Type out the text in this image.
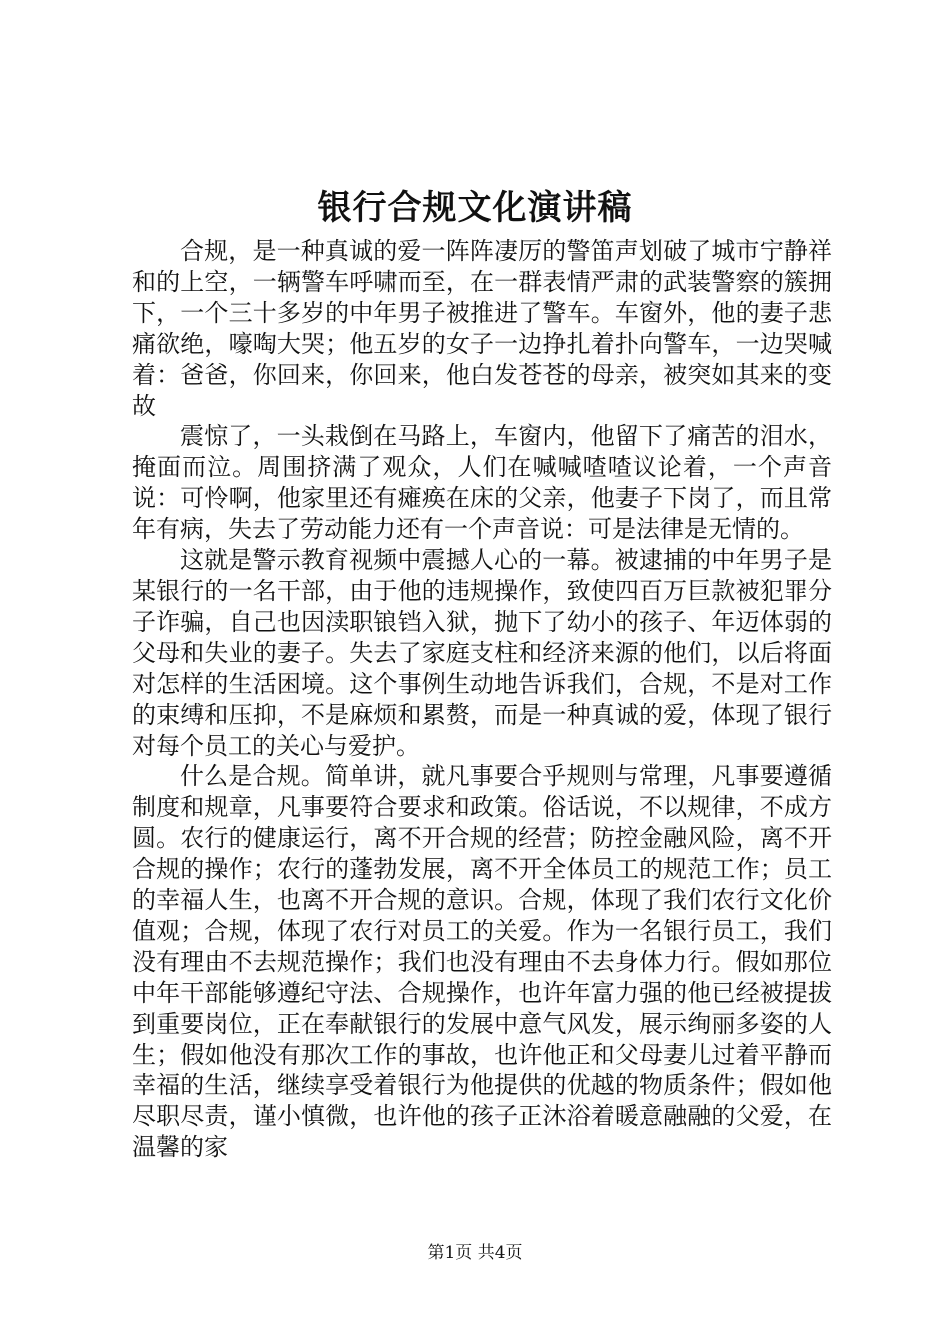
银行合规文化演讲稿

合规，是一种真诚的爱一阵阵凄厉的警笛声划破了城市宁静祥和的上空，一辆警车呼啸而至，在一群表情严肃的武装警察的簇拥下，一个三十多岁的中年男子被推进了警车。车窗外，他的妻子悲痛欲绝，嚎啕大哭；他五岁的女子一边挣扎着扑向警车，一边哭喊着：爸爸，你回来，你回来，他白发苍苍的母亲，被突如其来的变故

震惊了，一头栽倒在马路上，车窗内，他留下了痛苦的泪水，掩面而泣。周围挤满了观众，人们在喊喊喳喳议论着，一个声音说：可怜啊，他家里还有瘫痪在床的父亲，他妻子下岗了，而且常年有病，失去了劳动能力还有一个声音说：可是法律是无情的。

这就是警示教育视频中震撼人心的一幕。被逮捕的中年男子是某银行的一名干部，由于他的违规操作，致使四百万巨款被犯罪分子诈骗，自己也因渎职锒铛入狱，抛下了幼小的孩子、年迈体弱的父母和失业的妻子。失去了家庭支柱和经济来源的他们，以后将面对怎样的生活困境。这个事例生动地告诉我们，合规，不是对工作的束缚和压抑，不是麻烦和累赘，而是一种真诚的爱，体现了银行对每个员工的关心与爱护。

什么是合规。简单讲，就凡事要合乎规则与常理，凡事要遵循制度和规章，凡事要符合要求和政策。俗话说，不以规律，不成方圆。农行的健康运行，离不开合规的经营；防控金融风险，离不开合规的操作；农行的蓬勃发展，离不开全体员工的规范工作；员工的幸福人生，也离不开合规的意识。合规，体现了我们农行文化价值观；合规，体现了农行对员工的关爱。作为一名银行员工，我们没有理由不去规范操作；我们也没有理由不去身体力行。假如那位中年干部能够遵纪守法、合规操作，也许年富力强的他已经被提拔到重要岗位，正在奉献银行的发展中意气风发，展示绚丽多姿的人生；假如他没有那次工作的事故，也许他正和父母妻儿过着平静而幸福的生活，继续享受着银行为他提供的优越的物质条件；假如他尽职尽责，谨小慎微，也许他的孩子正沐浴着暖意融融的父爱，在温馨的家

第1页 共4页
